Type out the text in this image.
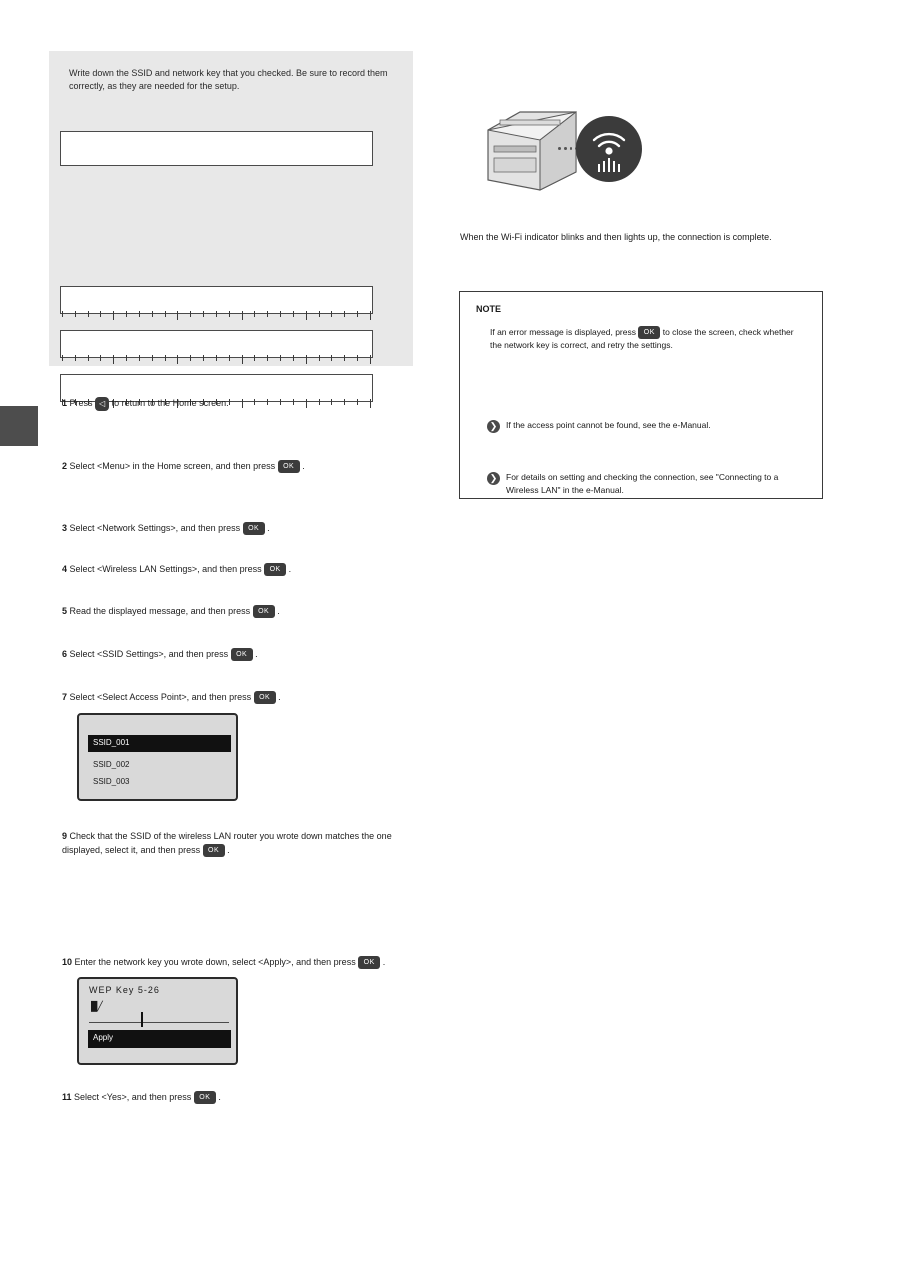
Write down the SSID and network key that you checked. Be sure to record them correctly, as they are needed for the setup.
1 Press ◁ to return to the Home screen.
2 Select <Menu> in the Home screen, and then press OK .
3 Select <Network Settings>, and then press OK .
4 Select <Wireless LAN Settings>, and then press OK .
5 Read the displayed message, and then press OK .
6 Select <SSID Settings>, and then press OK .
7 Select <Select Access Point>, and then press OK .
SSID_001
SSID_002
SSID_003
9 Check that the SSID of the wireless LAN router you wrote down matches the one displayed, select it, and then press OK .
10 Enter the network key you wrote down, select <Apply>, and then press OK .
WEP Key 5-26
█╱
Apply
11 Select <Yes>, and then press OK .
When the Wi-Fi indicator blinks and then lights up, the connection is complete.
NOTE
If an error message is displayed, press OK to close the screen, check whether the network key is correct, and retry the settings.
❯	If the access point cannot be found, see the e-Manual.
❯	For details on setting and checking the connection, see "Connecting to a Wireless LAN" in the e-Manual.
